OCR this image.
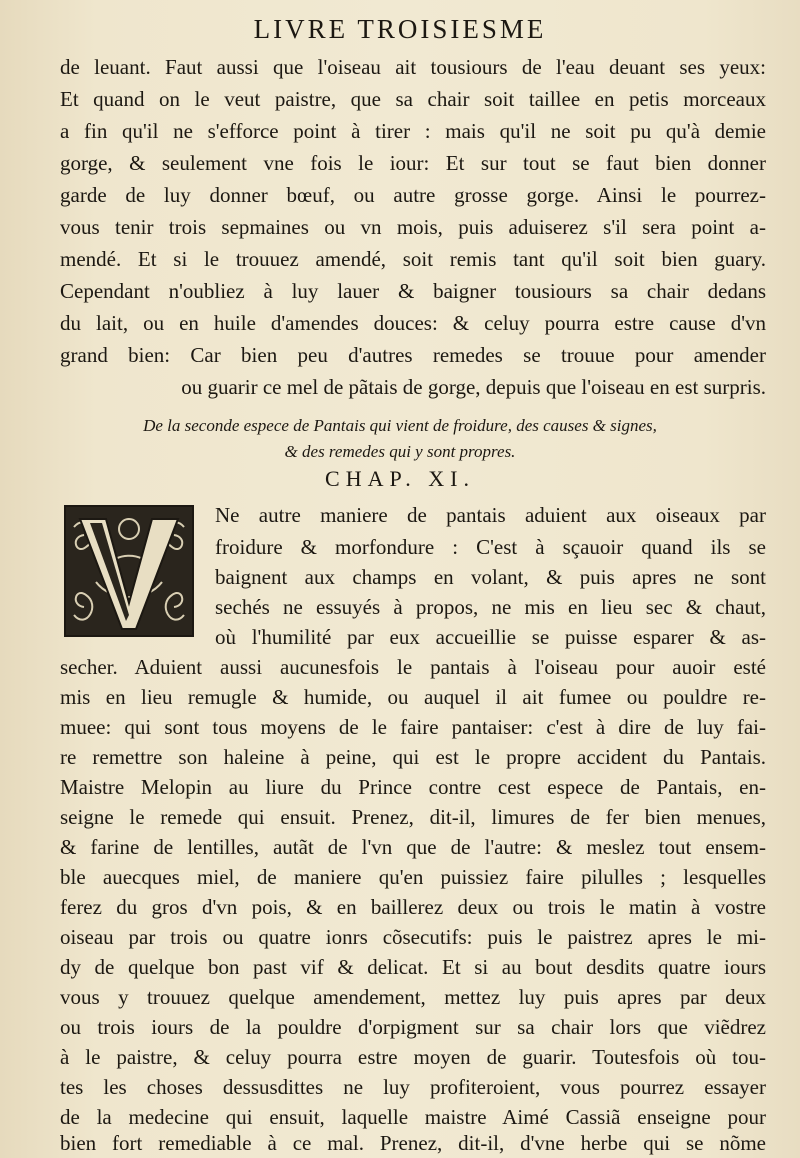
LIVRE TROISIESME
de leuant. Faut aussi que l'oiseau ait tousiours de l'eau deuant ses yeux:
Et quand on le veut paistre, que sa chair soit taillee en petis morceaux
a fin qu'il ne s'efforce point à tirer : mais qu'il ne soit pu qu'à demie
gorge, & seulement vne fois le iour: Et sur tout se faut bien donner
garde de luy donner bœuf, ou autre grosse gorge. Ainsi le pourrez-
vous tenir trois sepmaines ou vn mois, puis aduiserez s'il sera point a-
mendé. Et si le trouuez amendé, soit remis tant qu'il soit bien guary.
Cependant n'oubliez à luy lauer & baigner tousiours sa chair dedans
du lait, ou en huile d'amendes douces: & celuy pourra estre cause d'vn
grand bien: Car bien peu d'autres remedes se trouue pour amender
ou guarir ce mel de pãtais de gorge, depuis que l'oiseau en est surpris.
De la seconde espece de Pantais qui vient de froidure, des causes & signes,
& des remedes qui y sont propres.
CHAP. XI.
Ne autre maniere de pantais aduient aux oiseaux par
froidure & morfondure : C'est à sçauoir quand ils se
baignent aux champs en volant, & puis apres ne sont
sechés ne essuyés à propos, ne mis en lieu sec & chaut,
où l'humilité par eux accueillie se puisse esparer & as-
secher. Aduient aussi aucunesfois le pantais à l'oiseau pour auoir esté
mis en lieu remugle & humide, ou auquel il ait fumee ou pouldre re-
muee: qui sont tous moyens de le faire pantaiser: c'est à dire de luy fai-
re remettre son haleine à peine, qui est le propre accident du Pantais.
Maistre Melopin au liure du Prince contre cest espece de Pantais, en-
seigne le remede qui ensuit. Prenez, dit-il, limures de fer bien menues,
& farine de lentilles, autãt de l'vn que de l'autre: & meslez tout ensem-
ble auecques miel, de maniere qu'en puissiez faire pilulles ; lesquelles
ferez du gros d'vn pois, & en baillerez deux ou trois le matin à vostre
oiseau par trois ou quatre ionrs cõsecutifs: puis le paistrez apres le mi-
dy de quelque bon past vif & delicat. Et si au bout desdits quatre iours
vous y trouuez quelque amendement, mettez luy puis apres par deux
ou trois iours de la pouldre d'orpigment sur sa chair lors que viẽdrez
à le paistre, & celuy pourra estre moyen de guarir. Toutesfois où tou-
tes les choses dessusdittes ne luy profiteroient, vous pourrez essayer
de la medecine qui ensuit, laquelle maistre Aimé Cassiã enseigne pour
bien fort remediable à ce mal. Prenez, dit-il, d'vne herbe qui se nõme
